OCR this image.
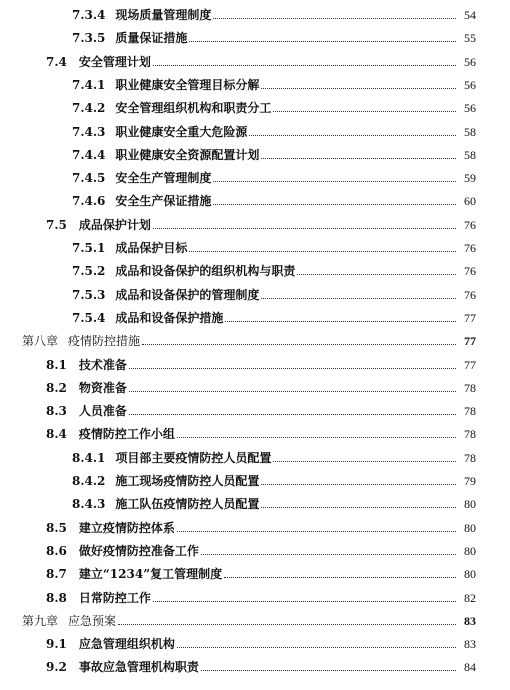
7.3.4 现场质量管理制度	54
7.3.5 质量保证措施	55
7.4	安全管理计划	56
7.4.1 职业健康安全管理目标分解	56
7.4.2 安全管理组织机构和职责分工	56
7.4.3 职业健康安全重大危险源	58
7.4.4 职业健康安全资源配置计划	58
7.4.5 安全生产管理制度	59
7.4.6 安全生产保证措施	60
7.5	成品保护计划	76
7.5.1 成品保护目标	76
7.5.2 成品和设备保护的组织机构与职责	76
7.5.3 成品和设备保护的管理制度	76
7.5.4 成品和设备保护措施	77
第八章 疫情防控措施	77
8.1	技术准备	77
8.2	物资准备	78
8.3	人员准备	78
8.4	疫情防控工作小组	78
8.4.1 项目部主要疫情防控人员配置	78
8.4.2 施工现场疫情防控人员配置	79
8.4.3 施工队伍疫情防控人员配置	80
8.5	建立疫情防控体系	80
8.6	做好疫情防控准备工作	80
8.7	建立“1234”复工管理制度	80
8.8	日常防控工作	82
第九章 应急预案	83
9.1	应急管理组织机构	83
9.2	事故应急管理机构职责	84
